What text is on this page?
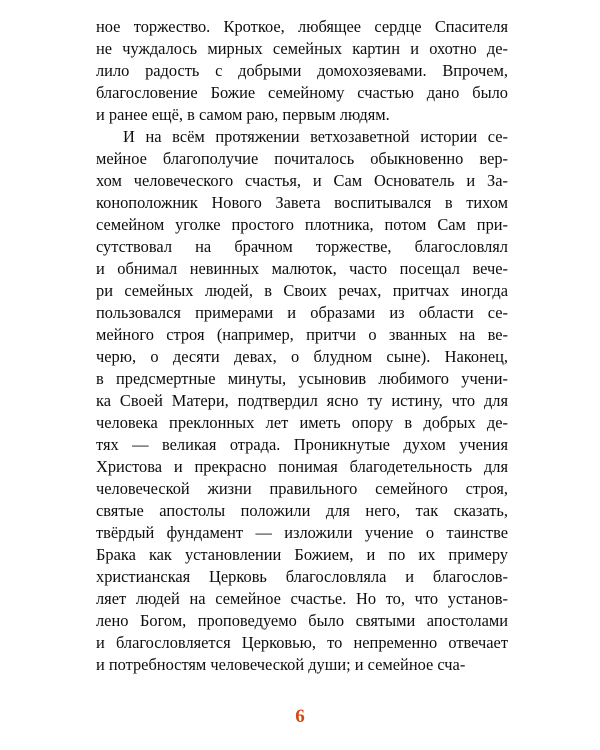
ное торжество. Кроткое, любящее сердце Спасителя
не чуждалось мирных семейных картин и охотно де-
лило радость с добрыми домохозяевами. Впрочем,
благословение Божие семейному счастью дано было
и ранее ещё, в самом раю, первым людям.

И на всём протяжении ветхозаветной истории се-
мейное благополучие почиталось обыкновенно вер-
хом человеческого счастья, и Сам Основатель и За-
коноположник Нового Завета воспитывался в тихом
семейном уголке простого плотника, потом Сам при-
сутствовал на брачном торжестве, благословлял
и обнимал невинных малюток, часто посещал вече-
ри семейных людей, в Своих речах, притчах иногда
пользовался примерами и образами из области се-
мейного строя (например, притчи о званных на ве-
черю, о десяти девах, о блудном сыне). Наконец,
в предсмертные минуты, усыновив любимого учени-
ка Своей Матери, подтвердил ясно ту истину, что для
человека преклонных лет иметь опору в добрых де-
тях — великая отрада. Проникнутые духом учения
Христова и прекрасно понимая благодетельность для
человеческой жизни правильного семейного строя,
святые апостолы положили для него, так сказать,
твёрдый фундамент — изложили учение о таинстве
Брака как установлении Божием, и по их примеру
христианская Церковь благословляла и благослов-
ляет людей на семейное счастье. Но то, что установ-
лено Богом, проповедуемо было святыми апостолами
и благословляется Церковью, то непременно отвечает
и потребностям человеческой души; и семейное сча-

6
